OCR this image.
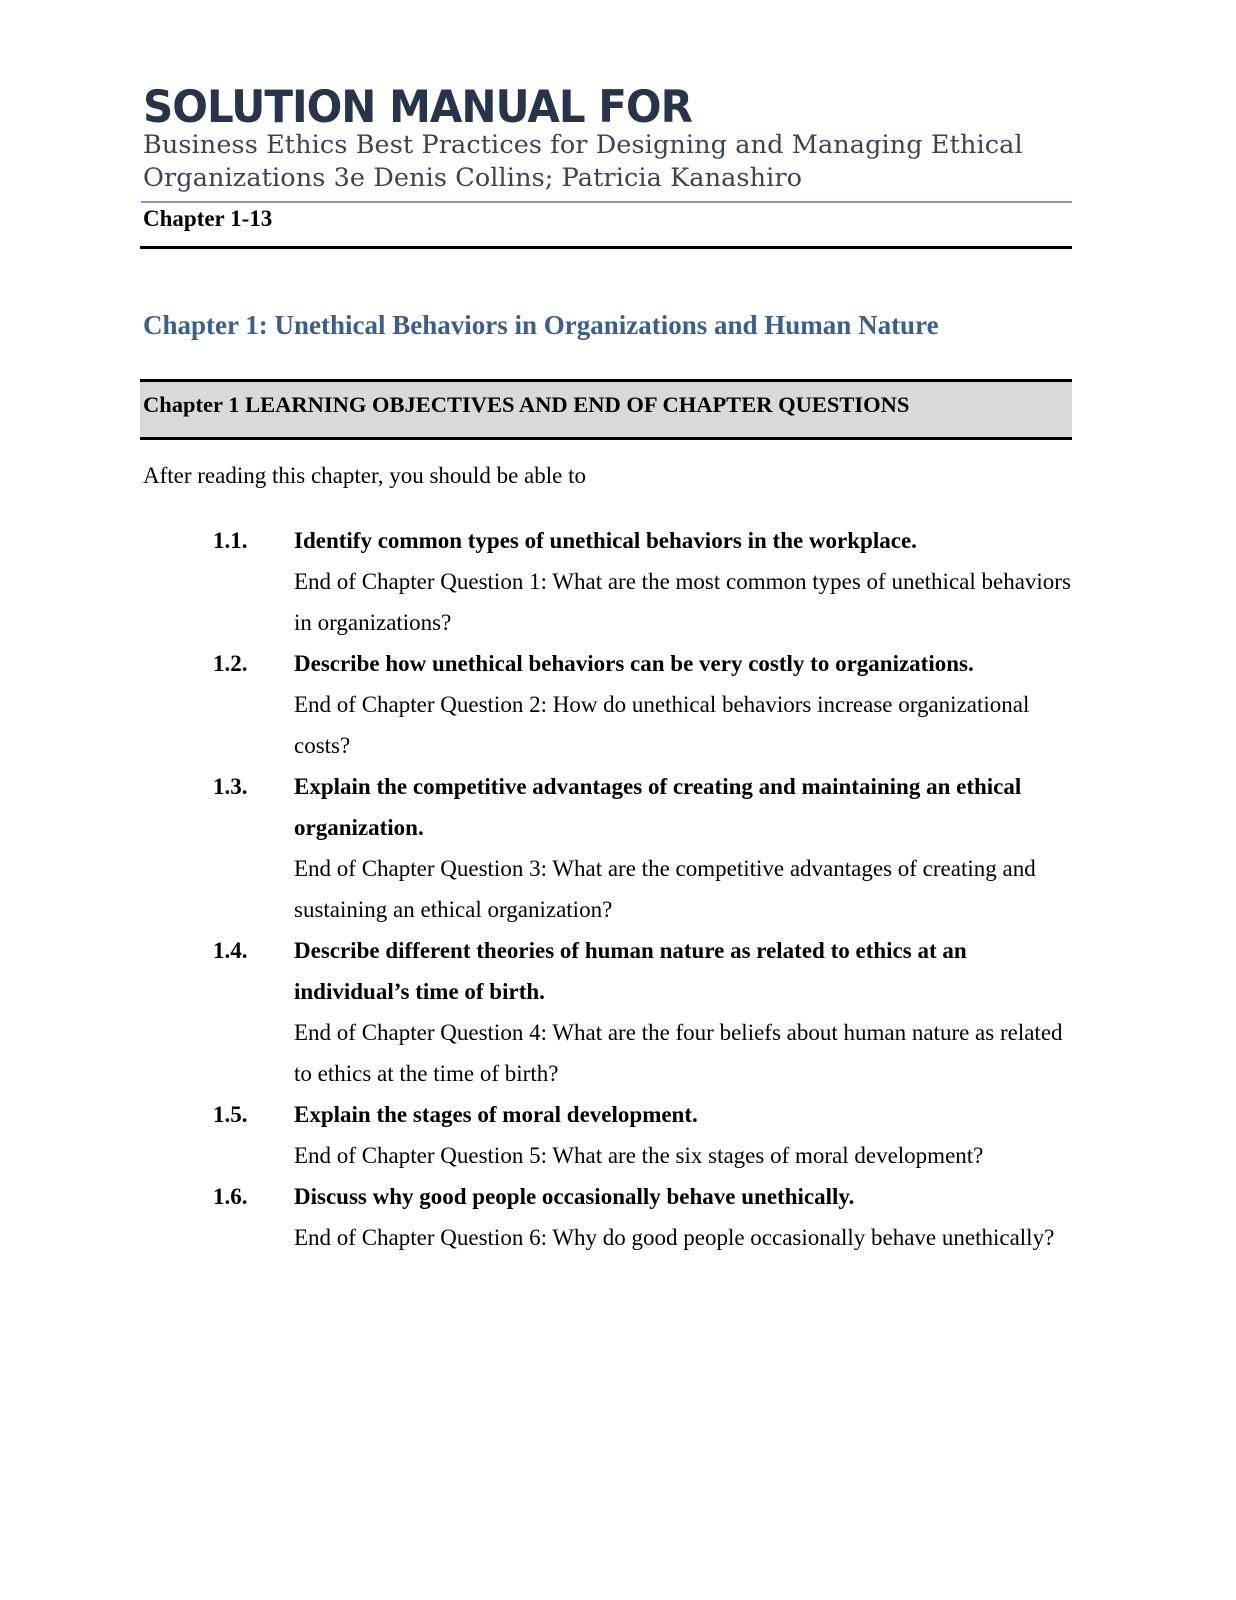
SOLUTION MANUAL FOR
Business Ethics Best Practices for Designing and Managing Ethical Organizations 3e Denis Collins; Patricia Kanashiro
Chapter 1-13
Chapter 1: Unethical Behaviors in Organizations and Human Nature
Chapter 1 LEARNING OBJECTIVES AND END OF CHAPTER QUESTIONS
After reading this chapter, you should be able to
1.1.	Identify common types of unethical behaviors in the workplace.
End of Chapter Question 1: What are the most common types of unethical behaviors in organizations?
1.2.	Describe how unethical behaviors can be very costly to organizations.
End of Chapter Question 2: How do unethical behaviors increase organizational costs?
1.3.	Explain the competitive advantages of creating and maintaining an ethical organization.
End of Chapter Question 3: What are the competitive advantages of creating and sustaining an ethical organization?
1.4.	Describe different theories of human nature as related to ethics at an individual’s time of birth.
End of Chapter Question 4: What are the four beliefs about human nature as related to ethics at the time of birth?
1.5.	Explain the stages of moral development.
End of Chapter Question 5: What are the six stages of moral development?
1.6.	Discuss why good people occasionally behave unethically.
End of Chapter Question 6: Why do good people occasionally behave unethically?
